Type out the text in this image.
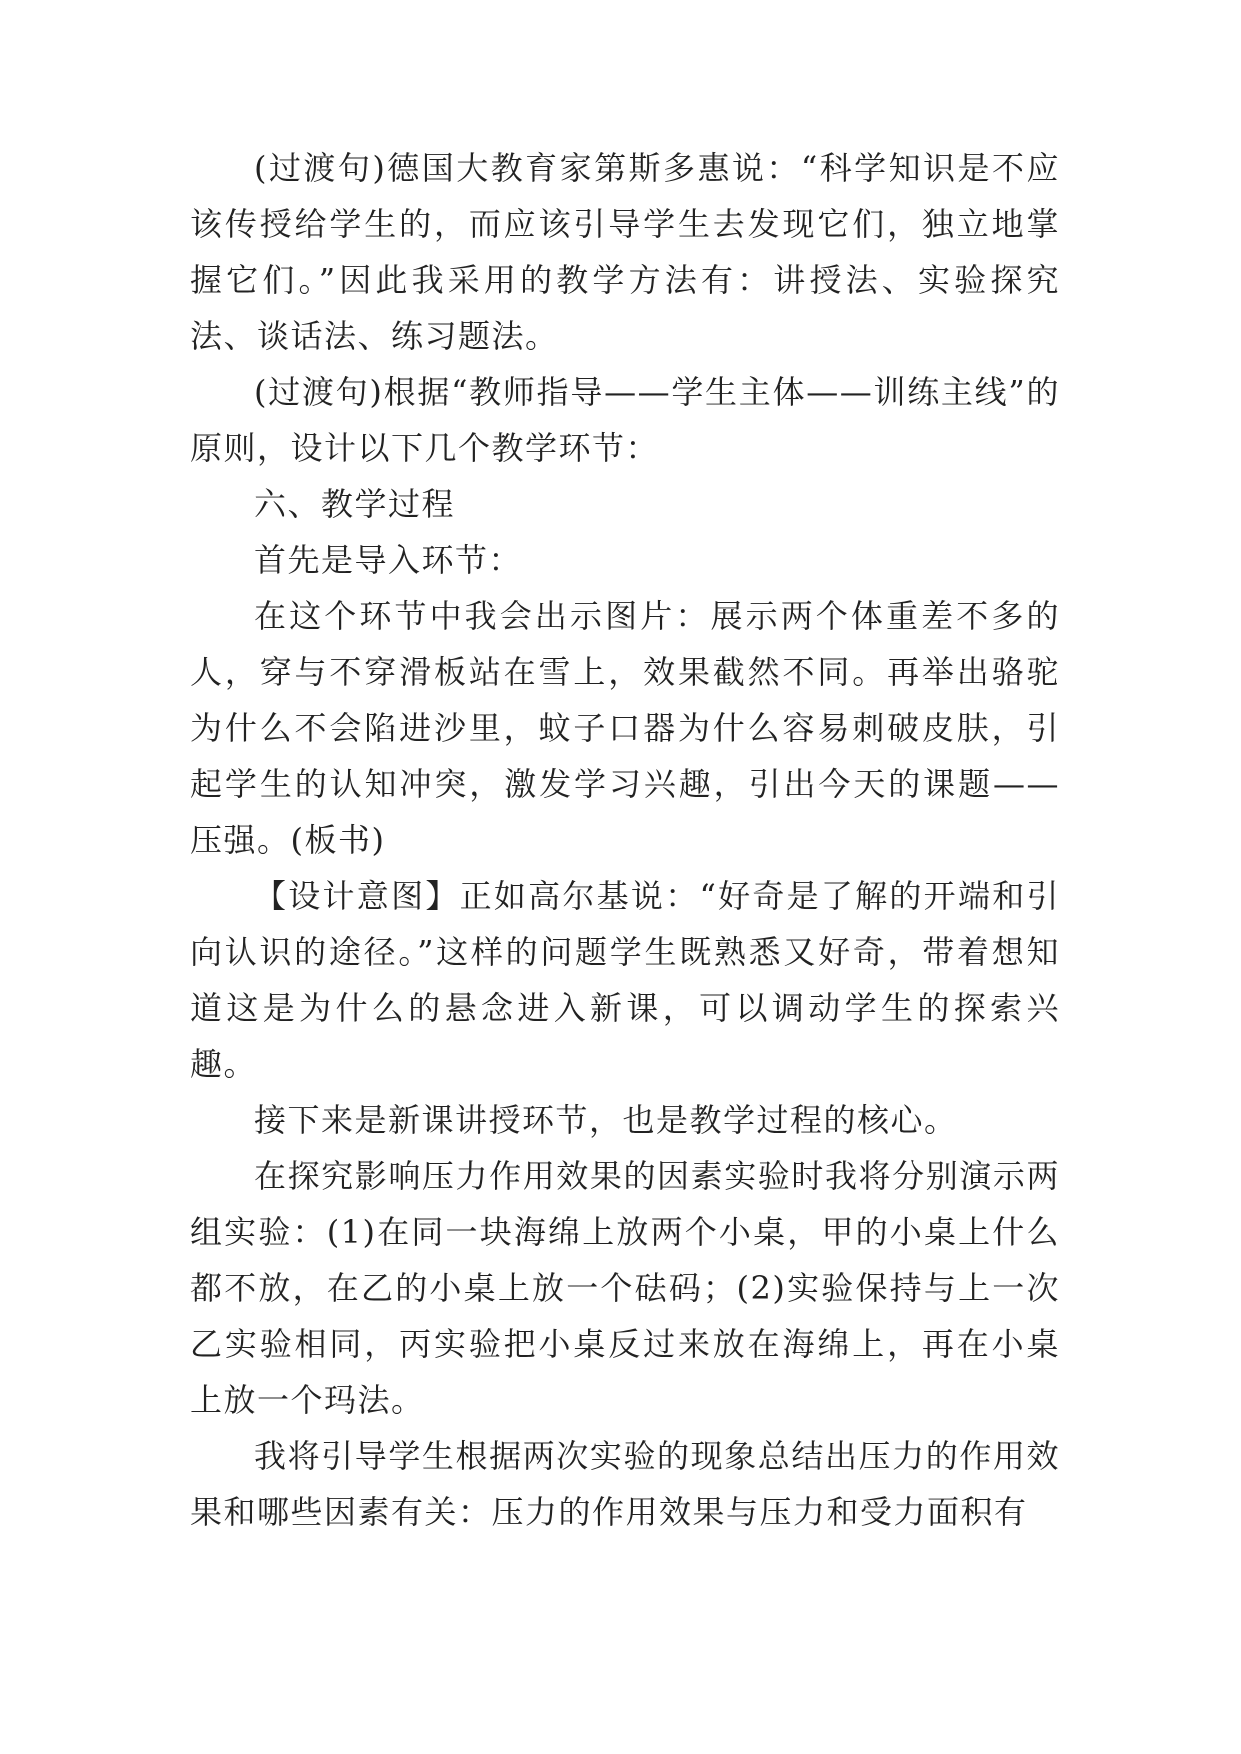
(过渡句)德国大教育家第斯多惠说：“科学知识是不应该传授给学生的，而应该引导学生去发现它们，独立地掌握它们。”因此我采用的教学方法有：讲授法、实验探究法、谈话法、练习题法。

(过渡句)根据“教师指导——学生主体——训练主线”的原则，设计以下几个教学环节：

六、教学过程

首先是导入环节：

在这个环节中我会出示图片：展示两个体重差不多的人，穿与不穿滑板站在雪上，效果截然不同。再举出骆驼为什么不会陷进沙里，蚊子口器为什么容易刺破皮肤，引起学生的认知冲突，激发学习兴趣，引出今天的课题——压强。(板书)

【设计意图】正如高尔基说：“好奇是了解的开端和引向认识的途径。”这样的问题学生既熟悉又好奇，带着想知道这是为什么的悬念进入新课，可以调动学生的探索兴趣。

接下来是新课讲授环节，也是教学过程的核心。

在探究影响压力作用效果的因素实验时我将分别演示两组实验：(1)在同一块海绵上放两个小桌，甲的小桌上什么都不放，在乙的小桌上放一个砝码；(2)实验保持与上一次乙实验相同，丙实验把小桌反过来放在海绵上，再在小桌上放一个玛法。

我将引导学生根据两次实验的现象总结出压力的作用效果和哪些因素有关：压力的作用效果与压力和受力面积有
